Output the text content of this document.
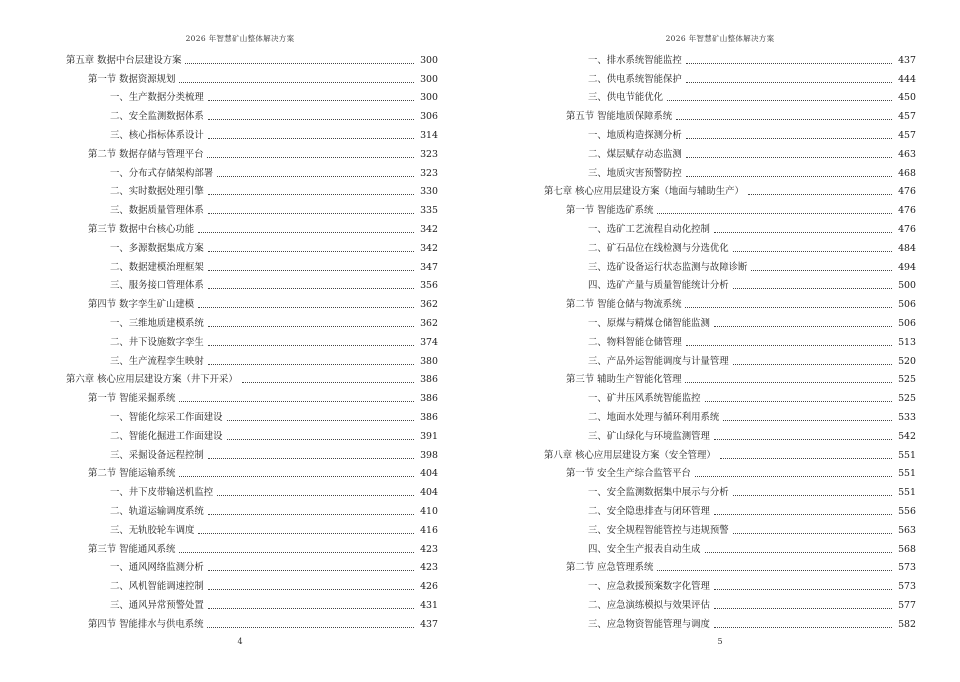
2026 年智慧矿山整体解决方案
第五章 数据中台层建设方案	300
第一节 数据资源规划	300
一、生产数据分类梳理	300
二、安全监测数据体系	306
三、核心指标体系设计	314
第二节 数据存储与管理平台	323
一、分布式存储架构部署	323
二、实时数据处理引擎	330
三、数据质量管理体系	335
第三节 数据中台核心功能	342
一、多源数据集成方案	342
二、数据建模治理框架	347
三、服务接口管理体系	356
第四节 数字孪生矿山建模	362
一、三维地质建模系统	362
二、井下设施数字孪生	374
三、生产流程孪生映射	380
第六章 核心应用层建设方案（井下开采）	386
第一节 智能采掘系统	386
一、智能化综采工作面建设	386
二、智能化掘进工作面建设	391
三、采掘设备远程控制	398
第二节 智能运输系统	404
一、井下皮带输送机监控	404
二、轨道运输调度系统	410
三、无轨胶轮车调度	416
第三节 智能通风系统	423
一、通风网络监测分析	423
二、风机智能调速控制	426
三、通风异常预警处置	431
第四节 智能排水与供电系统	437
4
2026 年智慧矿山整体解决方案
一、排水系统智能监控	437
二、供电系统智能保护	444
三、供电节能优化	450
第五节 智能地质保障系统	457
一、地质构造探测分析	457
二、煤层赋存动态监测	463
三、地质灾害预警防控	468
第七章 核心应用层建设方案（地面与辅助生产）	476
第一节 智能选矿系统	476
一、选矿工艺流程自动化控制	476
二、矿石品位在线检测与分选优化	484
三、选矿设备运行状态监测与故障诊断	494
四、选矿产量与质量智能统计分析	500
第二节 智能仓储与物流系统	506
一、原煤与精煤仓储智能监测	506
二、物料智能仓储管理	513
三、产品外运智能调度与计量管理	520
第三节 辅助生产智能化管理	525
一、矿井压风系统智能监控	525
二、地面水处理与循环利用系统	533
三、矿山绿化与环境监测管理	542
第八章 核心应用层建设方案（安全管理）	551
第一节 安全生产综合监管平台	551
一、安全监测数据集中展示与分析	551
二、安全隐患排查与闭环管理	556
三、安全规程智能管控与违规预警	563
四、安全生产报表自动生成	568
第二节 应急管理系统	573
一、应急救援预案数字化管理	573
二、应急演练模拟与效果评估	577
三、应急物资智能管理与调度	582
5
